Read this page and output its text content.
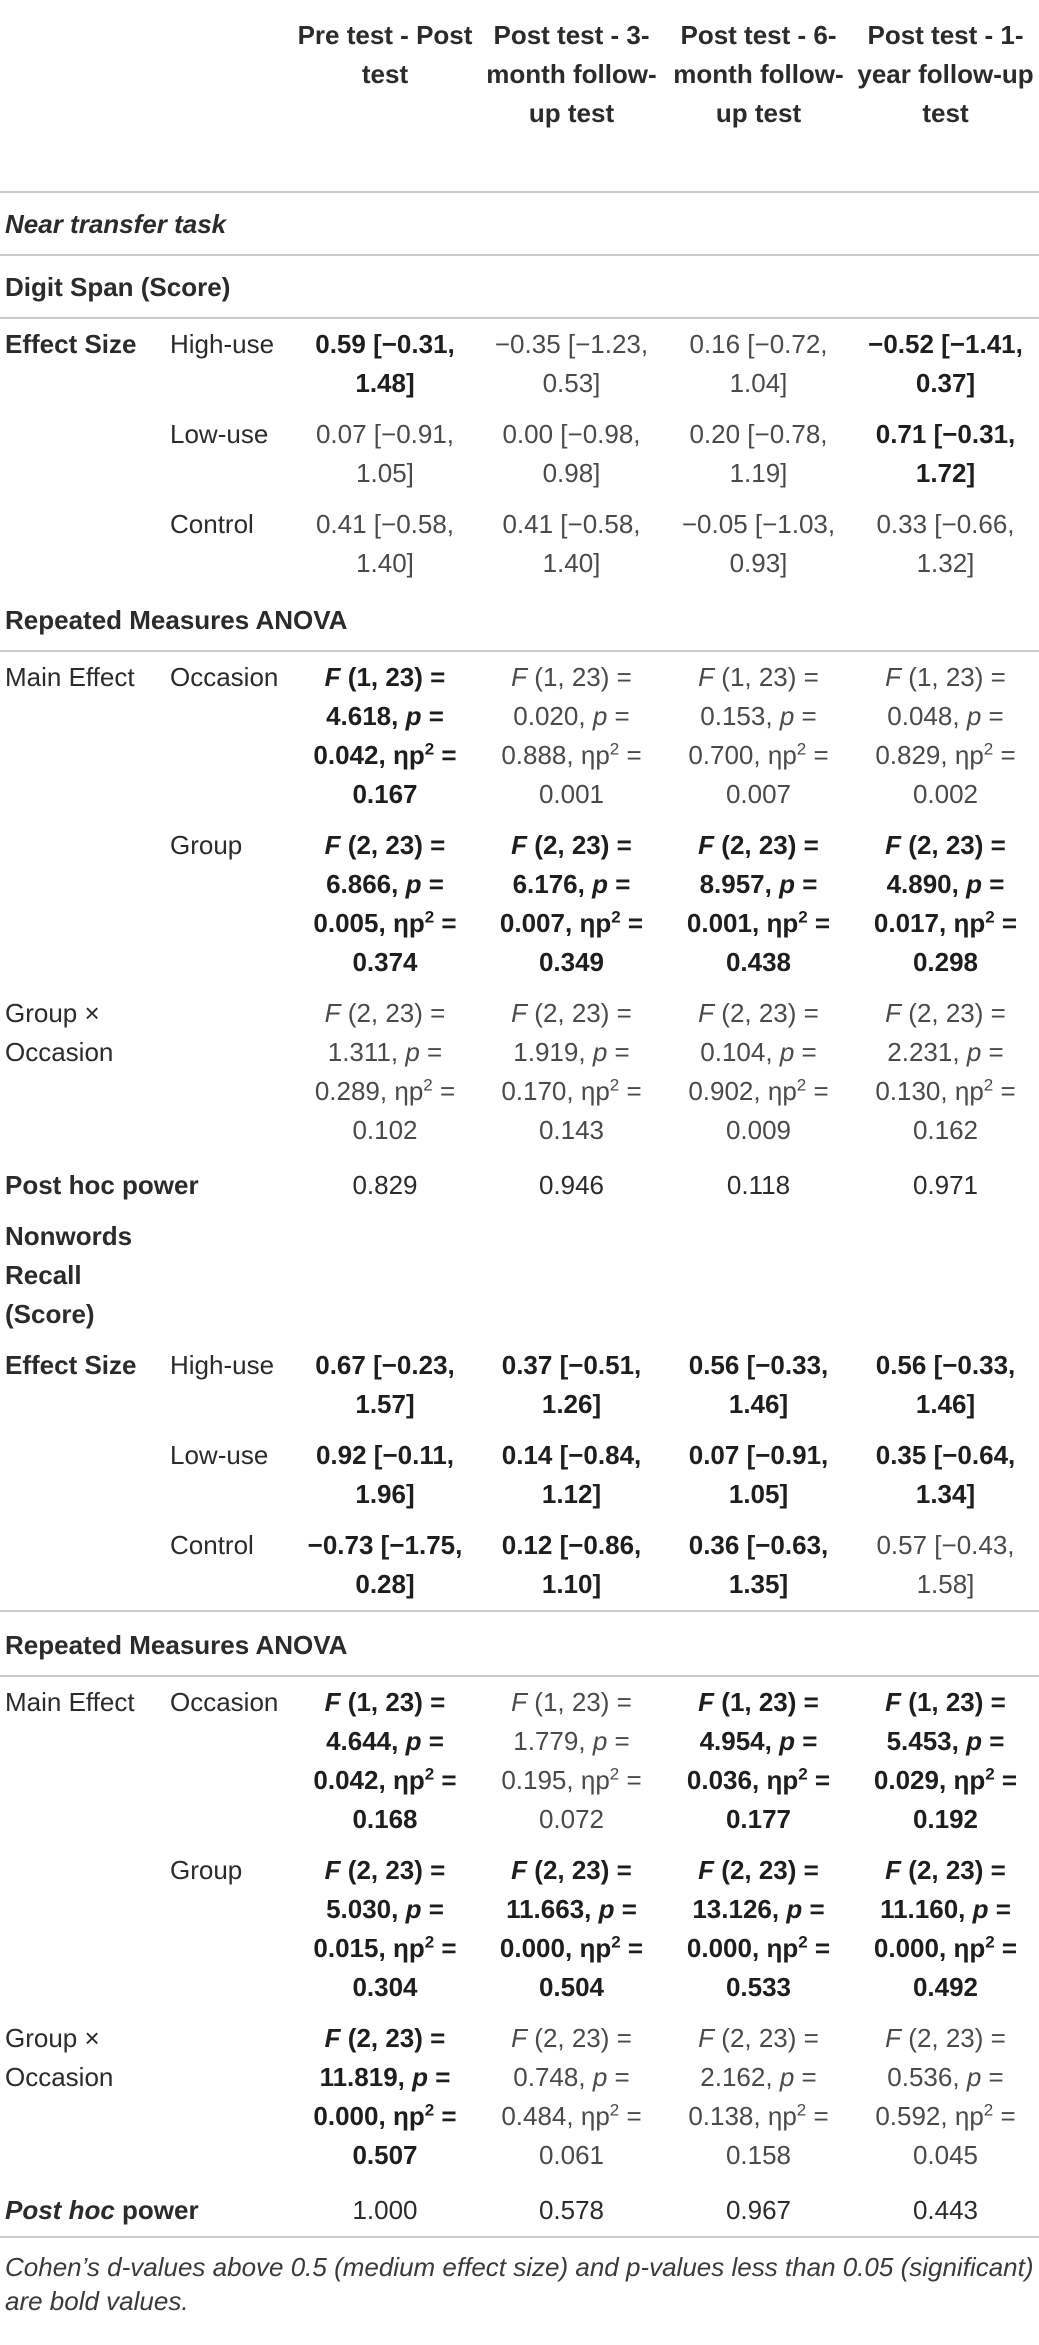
		Pre test - Post test	Post test - 3-month follow-up test	Post test - 6-month follow-up test	Post test - 1-year follow-up test
Near transfer task					
Digit Span (Score)					
Effect Size	High-use	0.59 [−0.31, 1.48]	−0.35 [−1.23, 0.53]	0.16 [−0.72, 1.04]	−0.52 [−1.41, 0.37]
	Low-use	0.07 [−0.91, 1.05]	0.00 [−0.98, 0.98]	0.20 [−0.78, 1.19]	0.71 [−0.31, 1.72]
	Control	0.41 [−0.58, 1.40]	0.41 [−0.58, 1.40]	−0.05 [−1.03, 0.93]	0.33 [−0.66, 1.32]
Repeated Measures ANOVA					
Main Effect	Occasion	F (1, 23) = 4.618, p = 0.042, $\eta p^2 = 0.167$	F (1, 23) = 0.020, p = 0.888, $\eta p^2 = 0.001$	F (1, 23) = 0.153, p = 0.700, $\eta p^2 = 0.007$	F (1, 23) = 0.048, p = 0.829, $\eta p^2 = 0.002$
	Group	F (2, 23) = 6.866, p = 0.005, $\eta p^2 = 0.374$	F (2, 23) = 6.176, p = 0.007, $\eta p^2 = 0.349$	F (2, 23) = 8.957, p = 0.001, $\eta p^2 = 0.438$	F (2, 23) = 4.890, p = 0.017, $\eta p^2 = 0.298$
Group × Occasion		F (2, 23) = 1.311, p = 0.289, $\eta p^2 = 0.102$	F (2, 23) = 1.919, p = 0.170, $\eta p^2 = 0.143$	F (2, 23) = 0.104, p = 0.902, $\eta p^2 = 0.009$	F (2, 23) = 2.231, p = 0.130, $\eta p^2 = 0.162$
Post hoc power		0.829	0.946	0.118	0.971
Nonwords Recall (Score)					
Effect Size	High-use	0.67 [−0.23, 1.57]	0.37 [−0.51, 1.26]	0.56 [−0.33, 1.46]	0.56 [−0.33, 1.46]
	Low-use	0.92 [−0.11, 1.96]	0.14 [−0.84, 1.12]	0.07 [−0.91, 1.05]	0.35 [−0.64, 1.34]
	Control	−0.73 [−1.75, 0.28]	0.12 [−0.86, 1.10]	0.36 [−0.63, 1.35]	0.57 [−0.43, 1.58]
Repeated Measures ANOVA					
Main Effect	Occasion	F (1, 23) = 4.644, p = 0.042, $\eta p^2 = 0.168$	F (1, 23) = 1.779, p = 0.195, $\eta p^2 = 0.072$	F (1, 23) = 4.954, p = 0.036, $\eta p^2 = 0.177$	F (1, 23) = 5.453, p = 0.029, $\eta p^2 = 0.192$
	Group	F (2, 23) = 5.030, p = 0.015, $\eta p^2 = 0.304$	F (2, 23) = 11.663, p = 0.000, $\eta p^2 = 0.504$	F (2, 23) = 13.126, p = 0.000, $\eta p^2 = 0.533$	F (2, 23) = 11.160, p = 0.000, $\eta p^2 = 0.492$
Group × Occasion		F (2, 23) = 11.819, p = 0.000, $\eta p^2 = 0.507$	F (2, 23) = 0.748, p = 0.484, $\eta p^2 = 0.061$	F (2, 23) = 2.162, p = 0.138, $\eta p^2 = 0.158$	F (2, 23) = 0.536, p = 0.592, $\eta p^2 = 0.045$
Post hoc power		1.000	0.578	0.967	0.443
Cohen’s d-values above 0.5 (medium effect size) and p-values less than 0.05 (significant) are bold values.					
